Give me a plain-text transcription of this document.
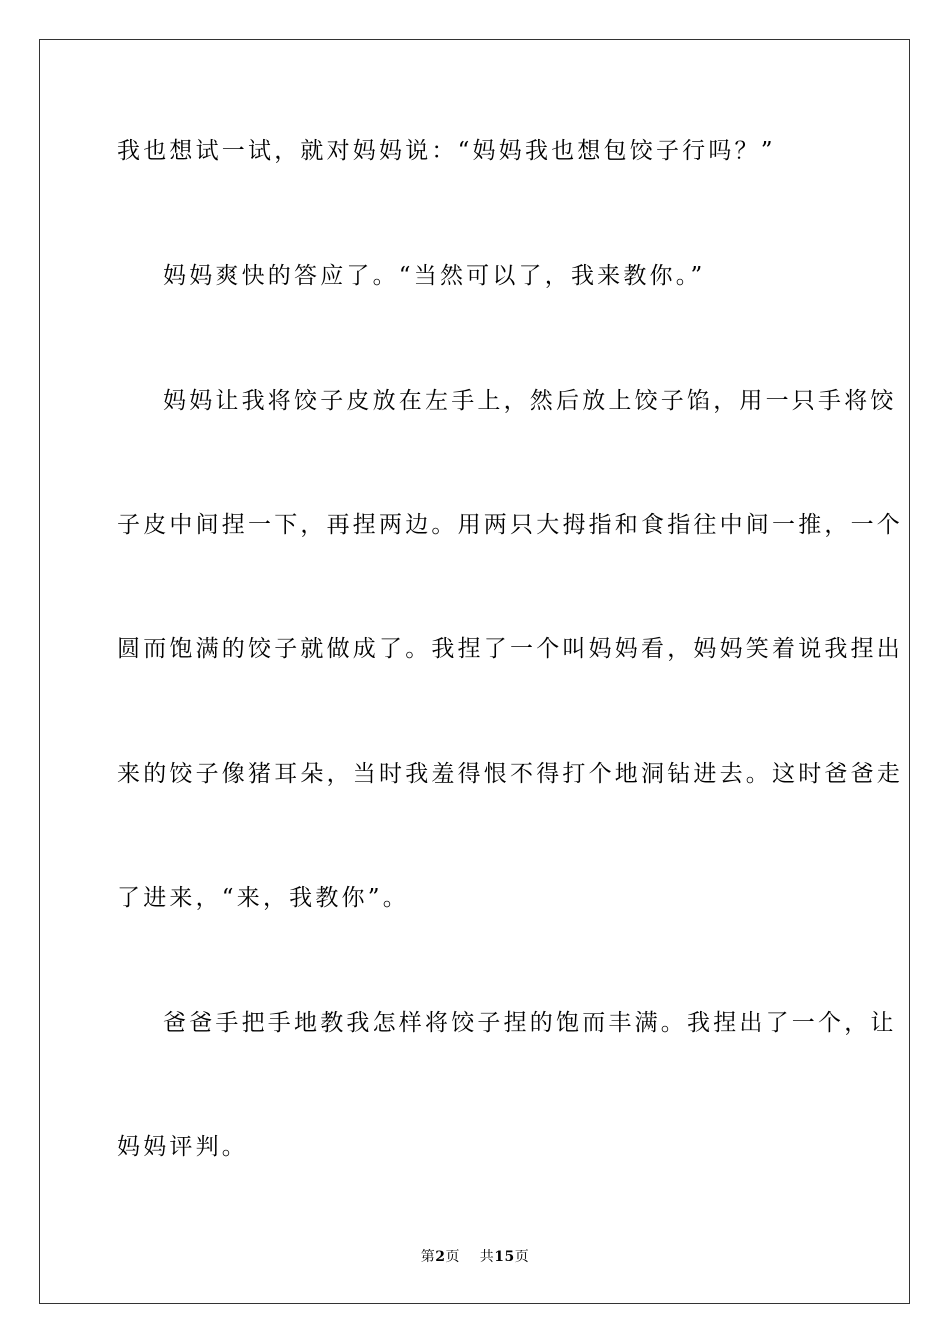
我也想试一试，就对妈妈说：“妈妈我也想包饺子行吗？”
妈妈爽快的答应了。“当然可以了，我来教你。”
妈妈让我将饺子皮放在左手上，然后放上饺子馅，用一只手将饺
子皮中间捏一下，再捏两边。用两只大拇指和食指往中间一推，一个
圆而饱满的饺子就做成了。我捏了一个叫妈妈看，妈妈笑着说我捏出
来的饺子像猪耳朵，当时我羞得恨不得打个地洞钻进去。这时爸爸走
了进来，“来，我教你”。
爸爸手把手地教我怎样将饺子捏的饱而丰满。我捏出了一个，让
妈妈评判。
第2页 共15页
